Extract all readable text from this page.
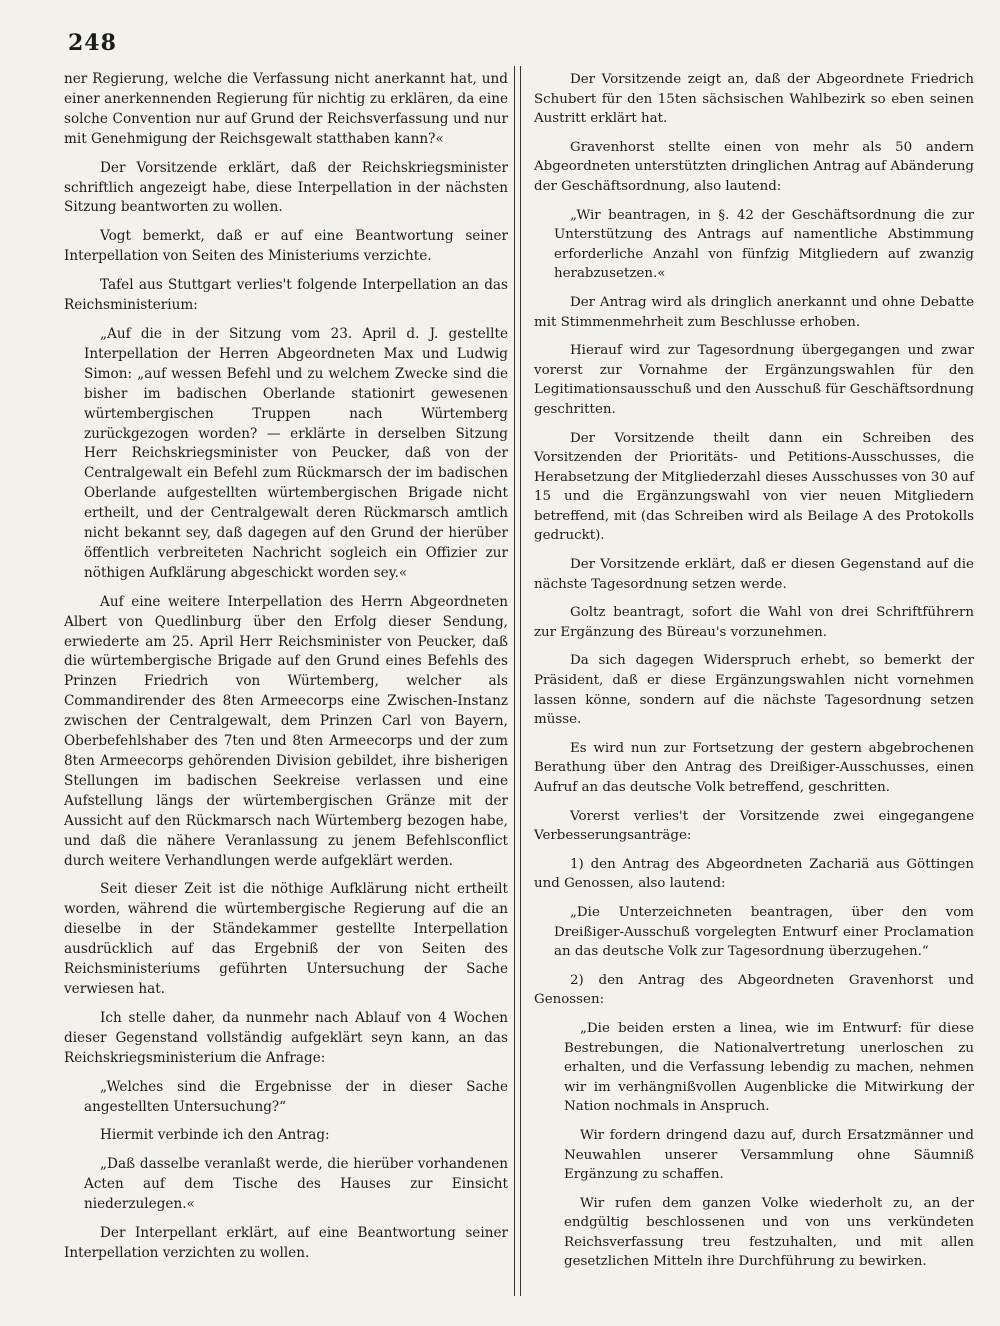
248

ner Regierung, welche die Verfassung nicht anerkannt hat, und einer anerkennenden Regierung für nichtig zu erklären, da eine solche Convention nur auf Grund der Reichsverfassung und nur mit Genehmigung der Reichsgewalt statthaben kann?«

Der Vorsitzende erklärt, daß der Reichskriegsminister schriftlich angezeigt habe, diese Interpellation in der nächsten Sitzung beantworten zu wollen.

Vogt bemerkt, daß er auf eine Beantwortung seiner Interpellation von Seiten des Ministeriums verzichte.

Tafel aus Stuttgart verlies't folgende Interpellation an das Reichsministerium:

„Auf die in der Sitzung vom 23. April d. J. gestellte Interpellation der Herren Abgeordneten Max und Ludwig Simon: „auf wessen Befehl und zu welchem Zwecke sind die bisher im badischen Oberlande stationirt gewesenen würtembergischen Truppen nach Würtemberg zurückgezogen worden? — erklärte in derselben Sitzung Herr Reichskriegsminister von Peucker, daß von der Centralgewalt ein Befehl zum Rückmarsch der im badischen Oberlande aufgestellten würtembergischen Brigade nicht ertheilt, und der Centralgewalt deren Rückmarsch amtlich nicht bekannt sey, daß dagegen auf den Grund der hierüber öffentlich verbreiteten Nachricht sogleich ein Offizier zur nöthigen Aufklärung abgeschickt worden sey.«

Auf eine weitere Interpellation des Herrn Abgeordneten Albert von Quedlinburg über den Erfolg dieser Sendung, erwiederte am 25. April Herr Reichsminister von Peucker, daß die würtembergische Brigade auf den Grund eines Befehls des Prinzen Friedrich von Würtemberg, welcher als Commandirender des 8ten Armeecorps eine Zwischen-Instanz zwischen der Centralgewalt, dem Prinzen Carl von Bayern, Oberbefehlshaber des 7ten und 8ten Armeecorps und der zum 8ten Armeecorps gehörenden Division gebildet, ihre bisherigen Stellungen im badischen Seekreise verlassen und eine Aufstellung längs der würtembergischen Gränze mit der Aussicht auf den Rückmarsch nach Würtemberg bezogen habe, und daß die nähere Veranlassung zu jenem Befehlsconflict durch weitere Verhandlungen werde aufgeklärt werden.

Seit dieser Zeit ist die nöthige Aufklärung nicht ertheilt worden, während die würtembergische Regierung auf die an dieselbe in der Ständekammer gestellte Interpellation ausdrücklich auf das Ergebniß der von Seiten des Reichsministeriums geführten Untersuchung der Sache verwiesen hat.

Ich stelle daher, da nunmehr nach Ablauf von 4 Wochen dieser Gegenstand vollständig aufgeklärt seyn kann, an das Reichskriegsministerium die Anfrage:

„Welches sind die Ergebnisse der in dieser Sache angestellten Untersuchung?“

Hiermit verbinde ich den Antrag:

„Daß dasselbe veranlaßt werde, die hierüber vorhandenen Acten auf dem Tische des Hauses zur Einsicht niederzulegen.«

Der Interpellant erklärt, auf eine Beantwortung seiner Interpellation verzichten zu wollen.

Der Vorsitzende zeigt an, daß der Abgeordnete Friedrich Schubert für den 15ten sächsischen Wahlbezirk so eben seinen Austritt erklärt hat.

Gravenhorst stellte einen von mehr als 50 andern Abgeordneten unterstützten dringlichen Antrag auf Abänderung der Geschäftsordnung, also lautend:

„Wir beantragen, in §. 42 der Geschäftsordnung die zur Unterstützung des Antrags auf namentliche Abstimmung erforderliche Anzahl von fünfzig Mitgliedern auf zwanzig herabzusetzen.«

Der Antrag wird als dringlich anerkannt und ohne Debatte mit Stimmenmehrheit zum Beschlusse erhoben.

Hierauf wird zur Tagesordnung übergegangen und zwar vorerst zur Vornahme der Ergänzungswahlen für den Legitimationsausschuß und den Ausschuß für Geschäftsordnung geschritten.

Der Vorsitzende theilt dann ein Schreiben des Vorsitzenden der Prioritäts- und Petitions-Ausschusses, die Herabsetzung der Mitgliederzahl dieses Ausschusses von 30 auf 15 und die Ergänzungswahl von vier neuen Mitgliedern betreffend, mit (das Schreiben wird als Beilage A des Protokolls gedruckt).

Der Vorsitzende erklärt, daß er diesen Gegenstand auf die nächste Tagesordnung setzen werde.

Goltz beantragt, sofort die Wahl von drei Schriftführern zur Ergänzung des Büreau's vorzunehmen.

Da sich dagegen Widerspruch erhebt, so bemerkt der Präsident, daß er diese Ergänzungswahlen nicht vornehmen lassen könne, sondern auf die nächste Tagesordnung setzen müsse.

Es wird nun zur Fortsetzung der gestern abgebrochenen Berathung über den Antrag des Dreißiger-Ausschusses, einen Aufruf an das deutsche Volk betreffend, geschritten.

Vorerst verlies't der Vorsitzende zwei eingegangene Verbesserungsanträge:

1) den Antrag des Abgeordneten Zachariä aus Göttingen und Genossen, also lautend:

„Die Unterzeichneten beantragen, über den vom Dreißiger-Ausschuß vorgelegten Entwurf einer Proclamation an das deutsche Volk zur Tagesordnung überzugehen.“

2) den Antrag des Abgeordneten Gravenhorst und Genossen:

„Die beiden ersten a linea, wie im Entwurf: für diese Bestrebungen, die Nationalvertretung unerloschen zu erhalten, und die Verfassung lebendig zu machen, nehmen wir im verhängnißvollen Augenblicke die Mitwirkung der Nation nochmals in Anspruch.

Wir fordern dringend dazu auf, durch Ersatzmänner und Neuwahlen unserer Versammlung ohne Säumniß Ergänzung zu schaffen.

Wir rufen dem ganzen Volke wiederholt zu, an der endgültig beschlossenen und von uns verkündeten Reichsverfassung treu festzuhalten, und mit allen gesetzlichen Mitteln ihre Durchführung zu bewirken.
